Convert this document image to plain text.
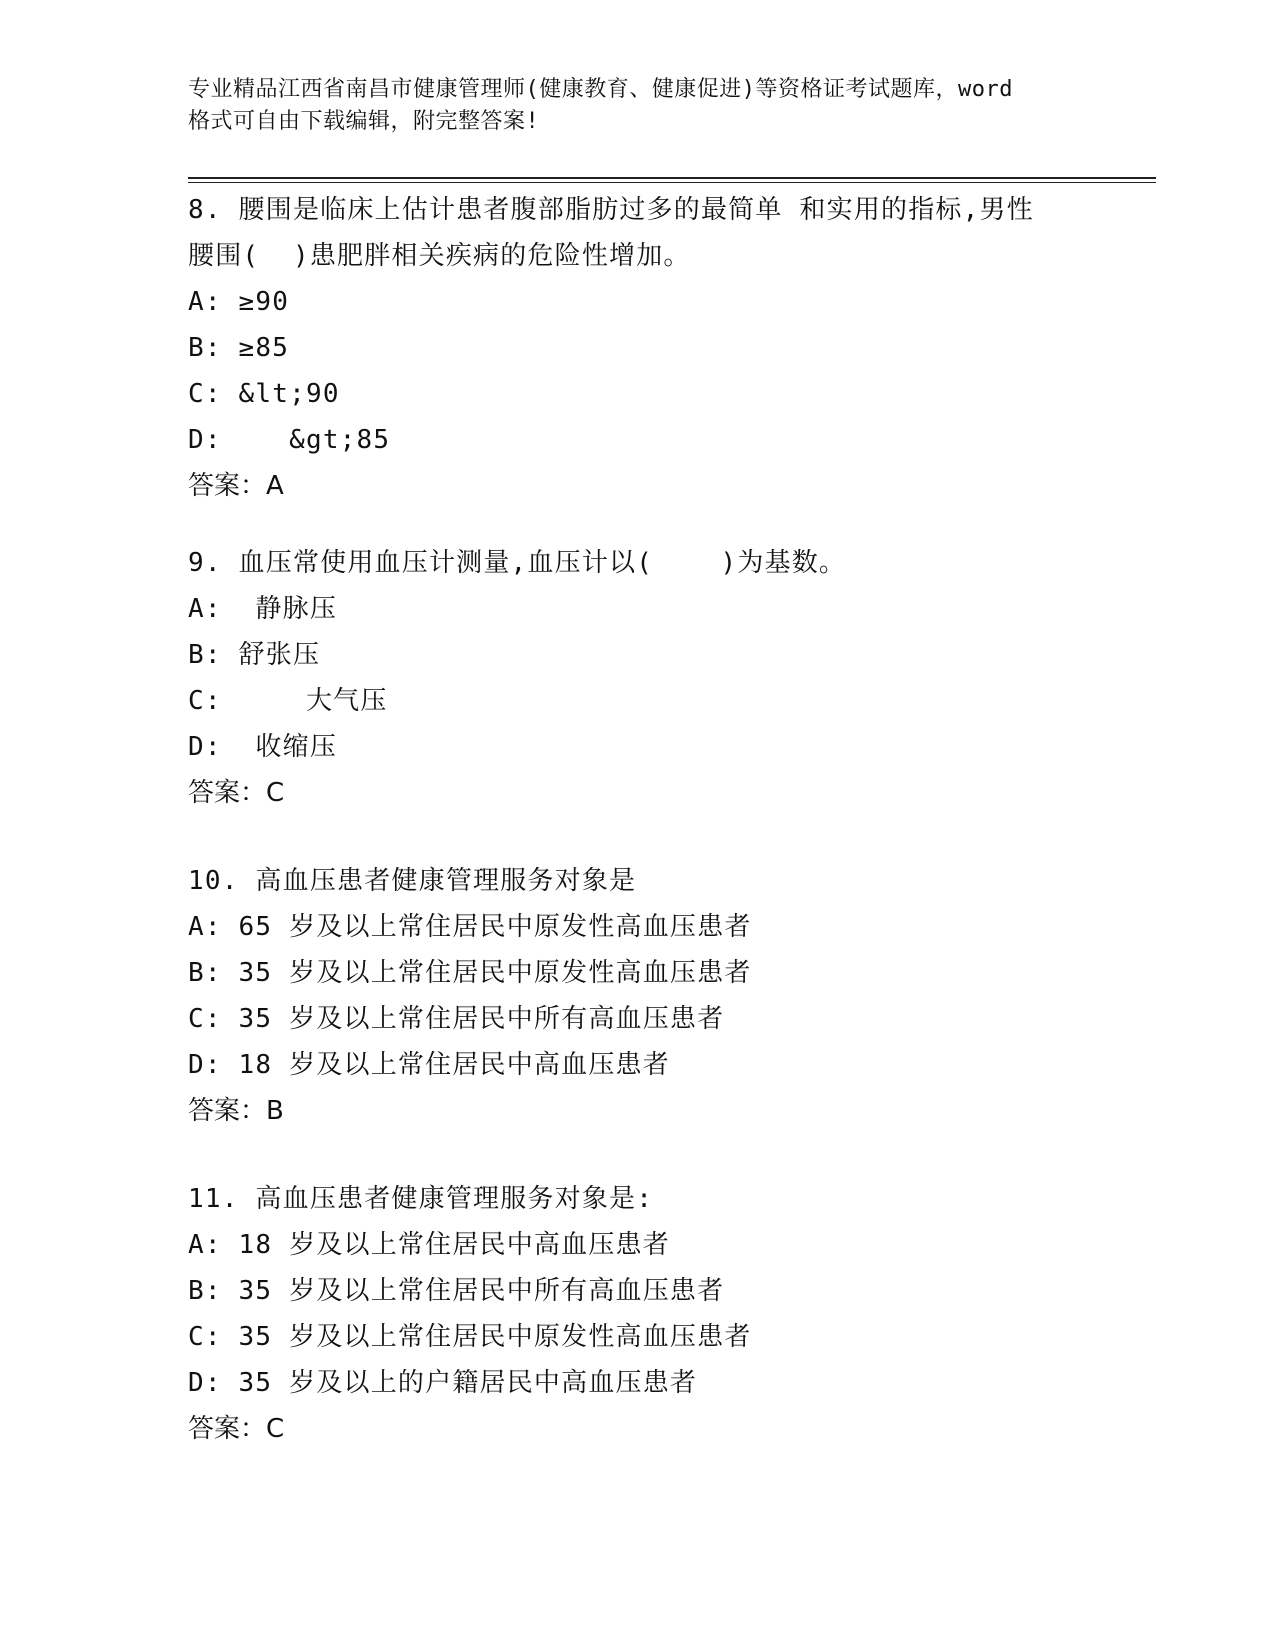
专业精品江西省南昌市健康管理师(健康教育、健康促进)等资格证考试题库，word
格式可自由下载编辑，附完整答案!
8. 腰围是临床上估计患者腹部脂肪过多的最简单 和实用的指标,男性
腰围(  )患肥胖相关疾病的危险性增加。
A: ≥90
B: ≥85
C: &lt;90
D:    &gt;85
答案：A
9. 血压常使用血压计测量,血压计以(    )为基数。
A:  静脉压
B: 舒张压
C:     大气压
D:  收缩压
答案：C
10. 高血压患者健康管理服务对象是
A: 65 岁及以上常住居民中原发性高血压患者
B: 35 岁及以上常住居民中原发性高血压患者
C: 35 岁及以上常住居民中所有高血压患者
D: 18 岁及以上常住居民中高血压患者
答案：B
11. 高血压患者健康管理服务对象是:
A: 18 岁及以上常住居民中高血压患者
B: 35 岁及以上常住居民中所有高血压患者
C: 35 岁及以上常住居民中原发性高血压患者
D: 35 岁及以上的户籍居民中高血压患者
答案：C
